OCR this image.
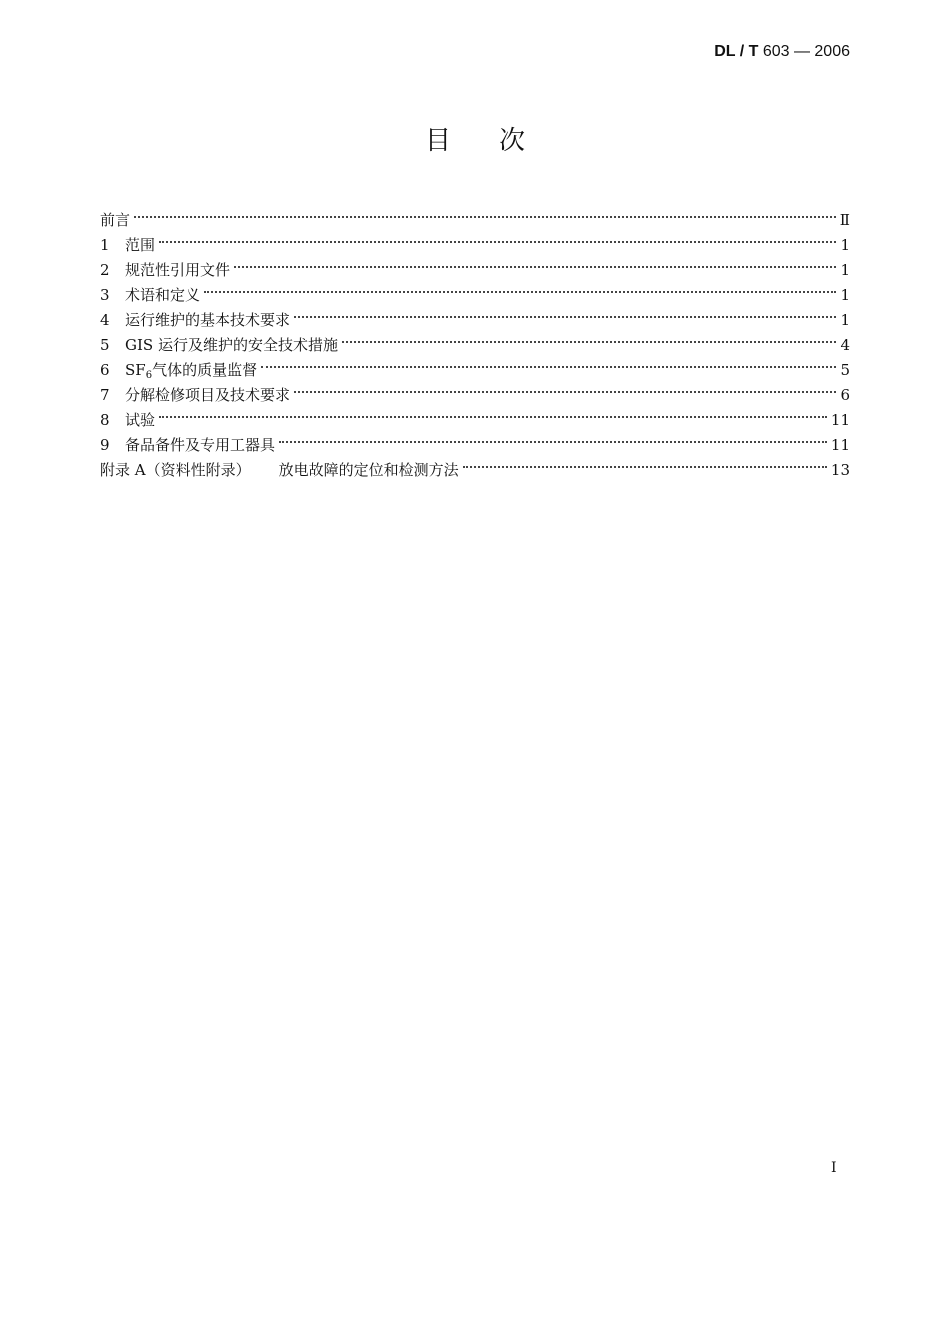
DL / T 603 — 2006
目次
前言	Ⅱ
1	范围	1
2	规范性引用文件	1
3	术语和定义	1
4	运行维护的基本技术要求	1
5	GIS 运行及维护的安全技术措施	4
6	$SF_6$气体的质量监督	5
7	分解检修项目及技术要求	6
8	试验	11
9	备品备件及专用工器具	11
附录 A（资料性附录） 放电故障的定位和检测方法	13
I
